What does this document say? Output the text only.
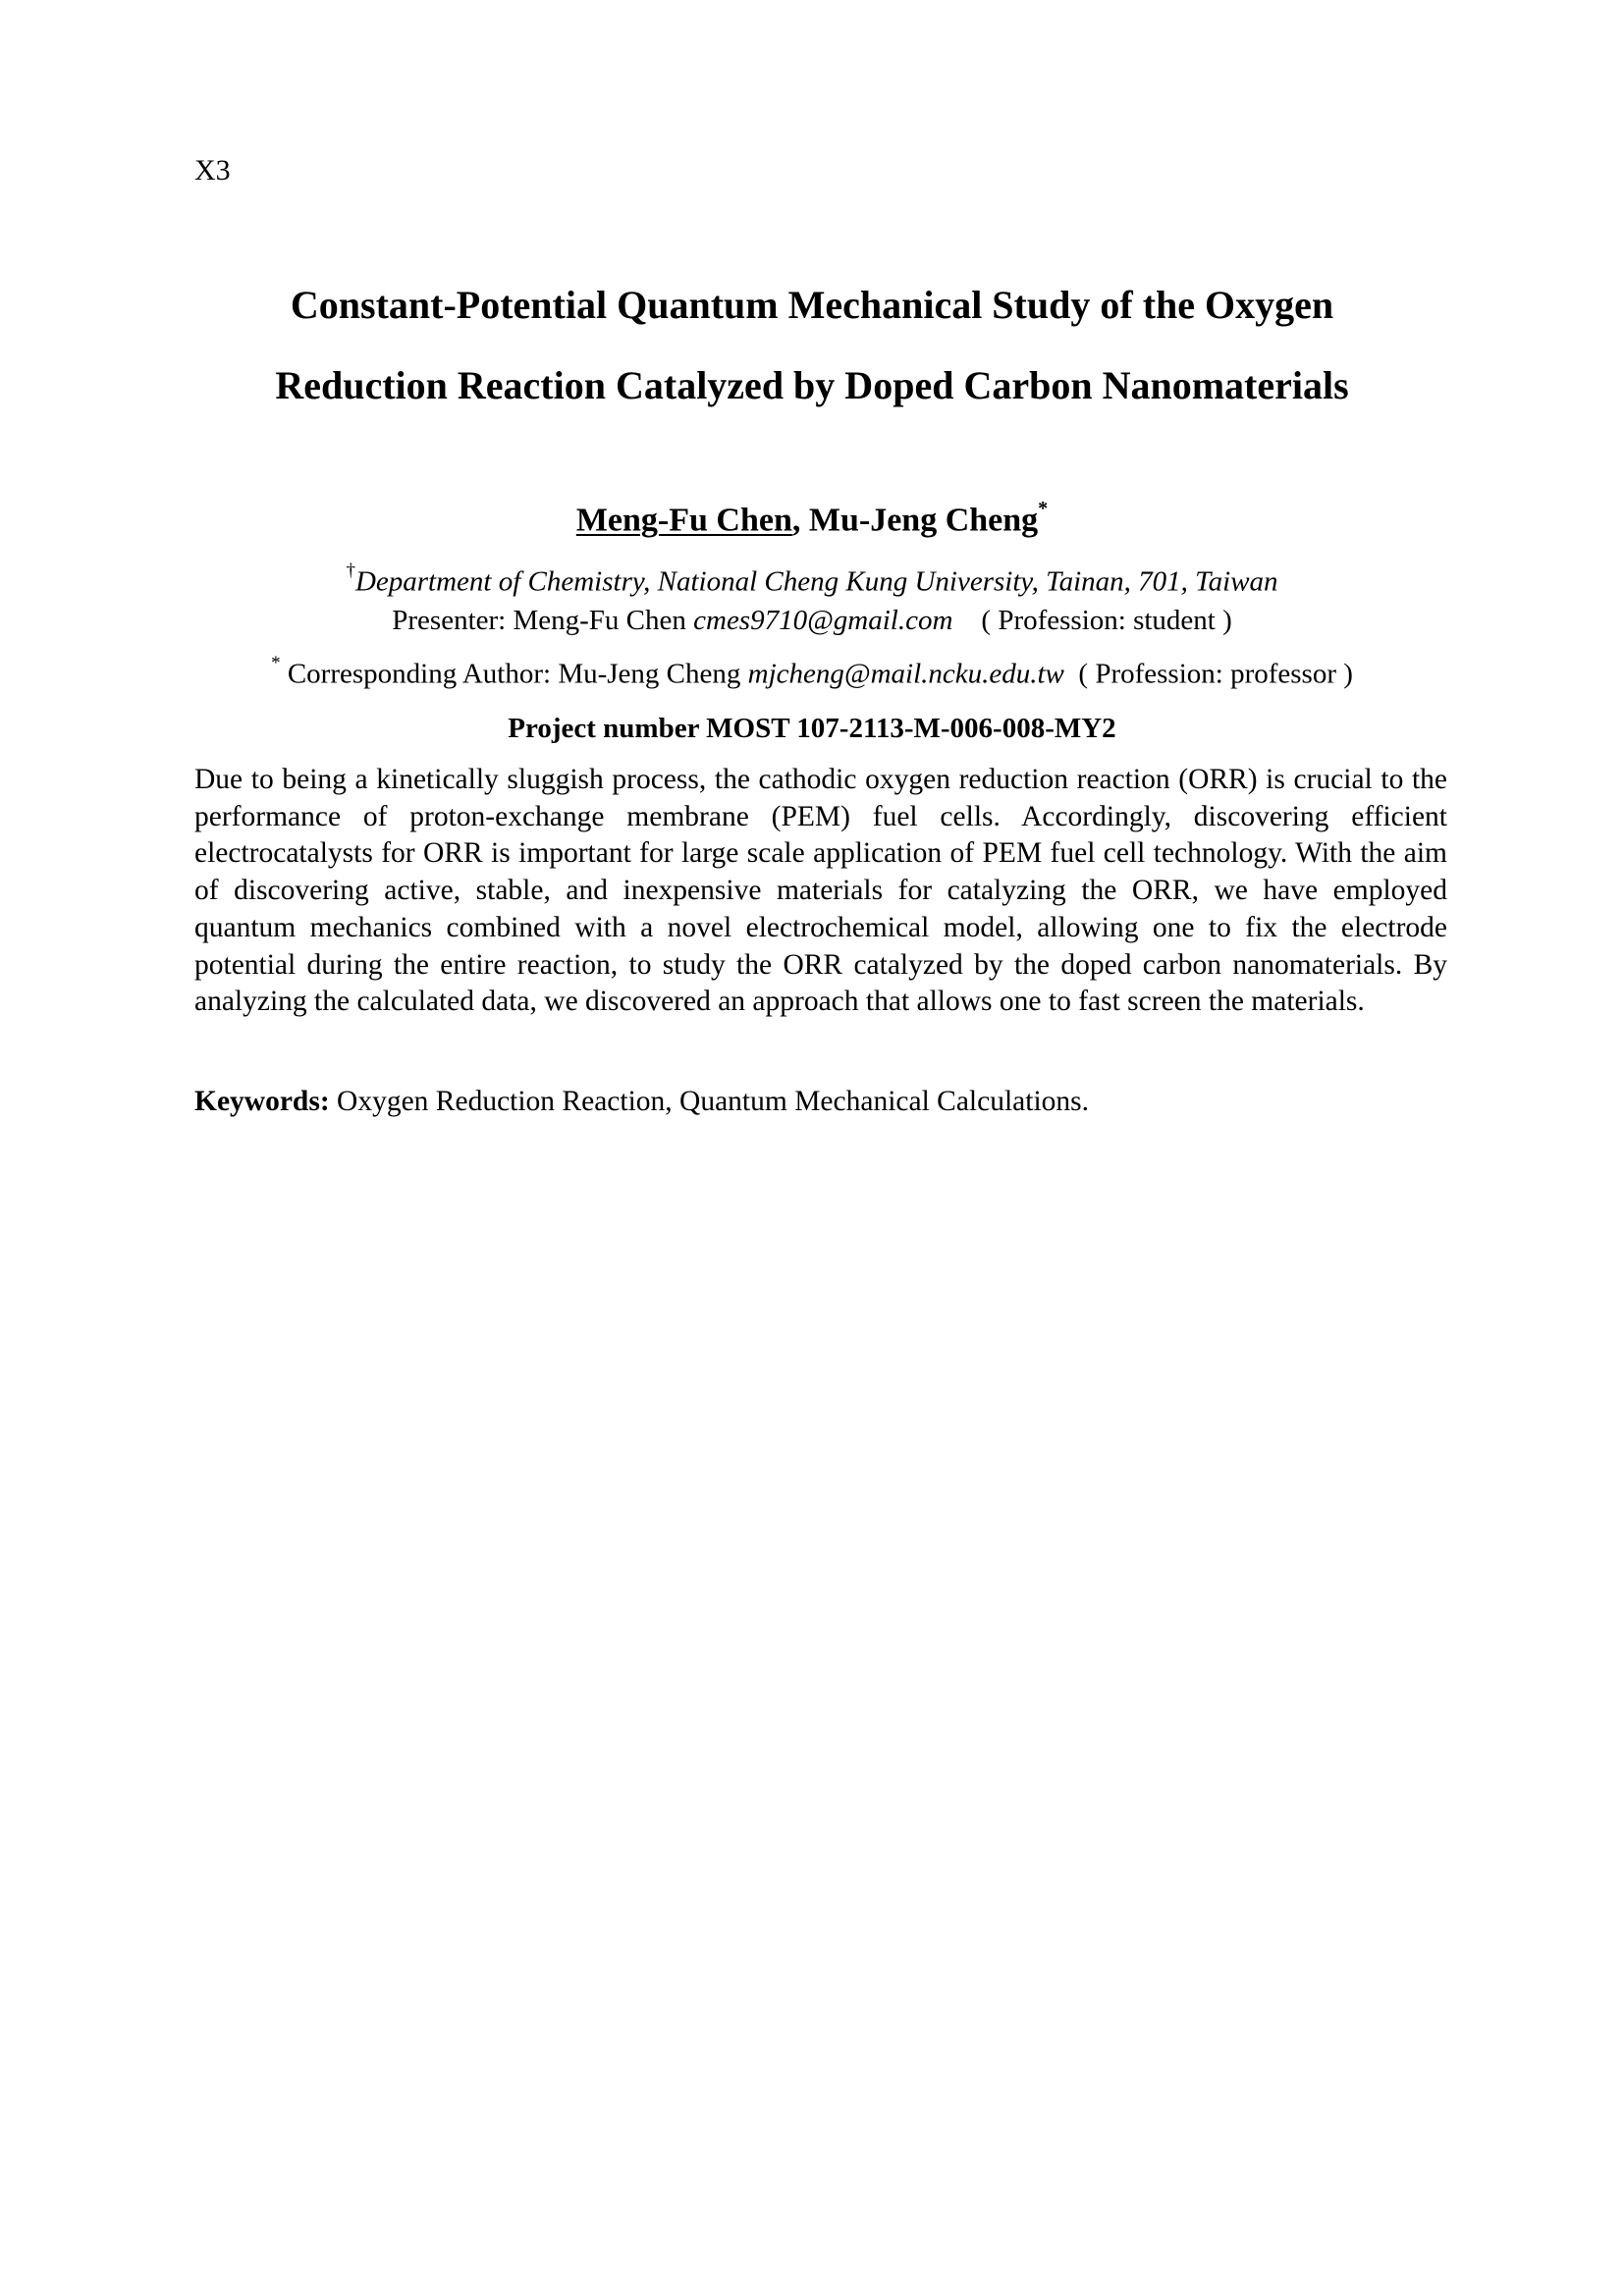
X3
Constant-Potential Quantum Mechanical Study of the Oxygen
Reduction Reaction Catalyzed by Doped Carbon Nanomaterials
Meng-Fu Chen, Mu-Jeng Cheng*
†Department of Chemistry, National Cheng Kung University, Tainan, 701, Taiwan
Presenter: Meng-Fu Chen cmes9710@gmail.com    ( Profession: student )
* Corresponding Author: Mu-Jeng Cheng mjcheng@mail.ncku.edu.tw  ( Profession: professor )
Project number MOST 107-2113-M-006-008-MY2

Due to being a kinetically sluggish process, the cathodic oxygen reduction reaction (ORR) is crucial to the performance of proton-exchange membrane (PEM) fuel cells. Accordingly, discovering efficient electrocatalysts for ORR is important for large scale application of PEM fuel cell technology. With the aim of discovering active, stable, and inexpensive materials for catalyzing the ORR, we have employed quantum mechanics combined with a novel electrochemical model, allowing one to fix the electrode potential during the entire reaction, to study the ORR catalyzed by the doped carbon nanomaterials. By analyzing the calculated data, we discovered an approach that allows one to fast screen the materials.

Keywords: Oxygen Reduction Reaction, Quantum Mechanical Calculations.
